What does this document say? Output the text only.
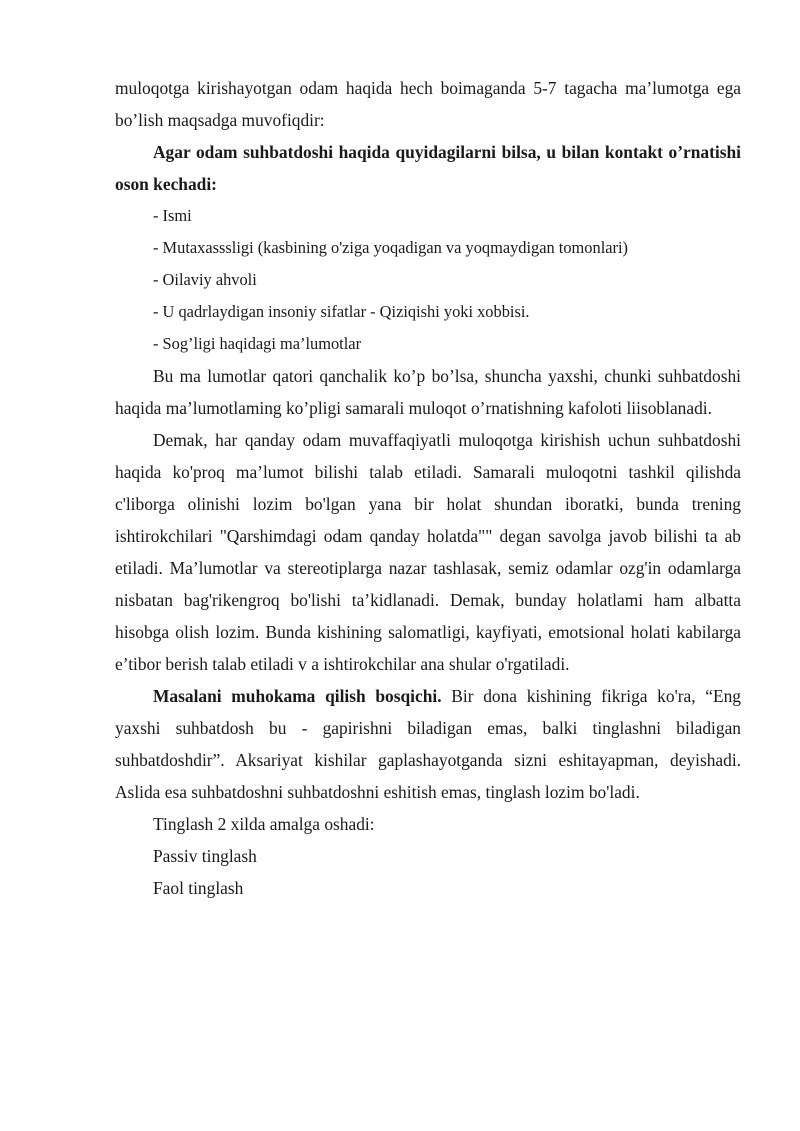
muloqotga kirishayotgan odam haqida hech boimaganda 5-7 tagacha ma’lumotga ega bo’lish maqsadga muvofiqdir:

Agar odam suhbatdoshi haqida quyidagilarni bilsa, u bilan kontakt o’rnatishi oson kechadi:

- Ismi
- Mutaxasssligi (kasbining o'ziga yoqadigan va yoqmaydigan tomonlari)
- Oilaviy ahvoli
- U qadrlaydigan insoniy sifatlar - Qiziqishi yoki xobbisi.
- Sog’ligi haqidagi ma’lumotlar

Bu ma lumotlar qatori qanchalik ko’p bo’lsa, shuncha yaxshi, chunki suhbatdoshi haqida ma’lumotlaming ko’pligi samarali muloqot o’rnatishning kafoloti liisoblanadi.

Demak, har qanday odam muvaffaqiyatli muloqotga kirishish uchun suhbatdoshi haqida ko'proq ma’lumot bilishi talab etiladi. Samarali muloqotni tashkil qilishda c'liborga olinishi lozim bo'lgan yana bir holat shundan iboratki, bunda trening ishtirokchilari "Qarshimdagi odam qanday holatda"" degan savolga javob bilishi ta ab etiladi. Ma’lumotlar va stereotiplarga nazar tashlasak, semiz odamlar ozg'in odamlarga nisbatan bag'rikengroq bo'lishi ta’kidlanadi. Demak, bunday holatlami ham albatta hisobga olish lozim. Bunda kishining salomatligi, kayfiyati, emotsional holati kabilarga e’tibor berish talab etiladi v a ishtirokchilar ana shular o'rgatiladi.

Masalani muhokama qilish bosqichi. Bir dona kishining fikriga ko'ra, “Eng yaxshi suhbatdosh bu - gapirishni biladigan emas, balki tinglashni biladigan suhbatdoshdir”. Aksariyat kishilar gaplashayotganda sizni eshitayapman, deyishadi. Aslida esa suhbatdoshni suhbatdoshni eshitish emas, tinglash lozim bo'ladi.

Tinglash 2 xilda amalga oshadi:

Passiv tinglash

Faol tinglash
